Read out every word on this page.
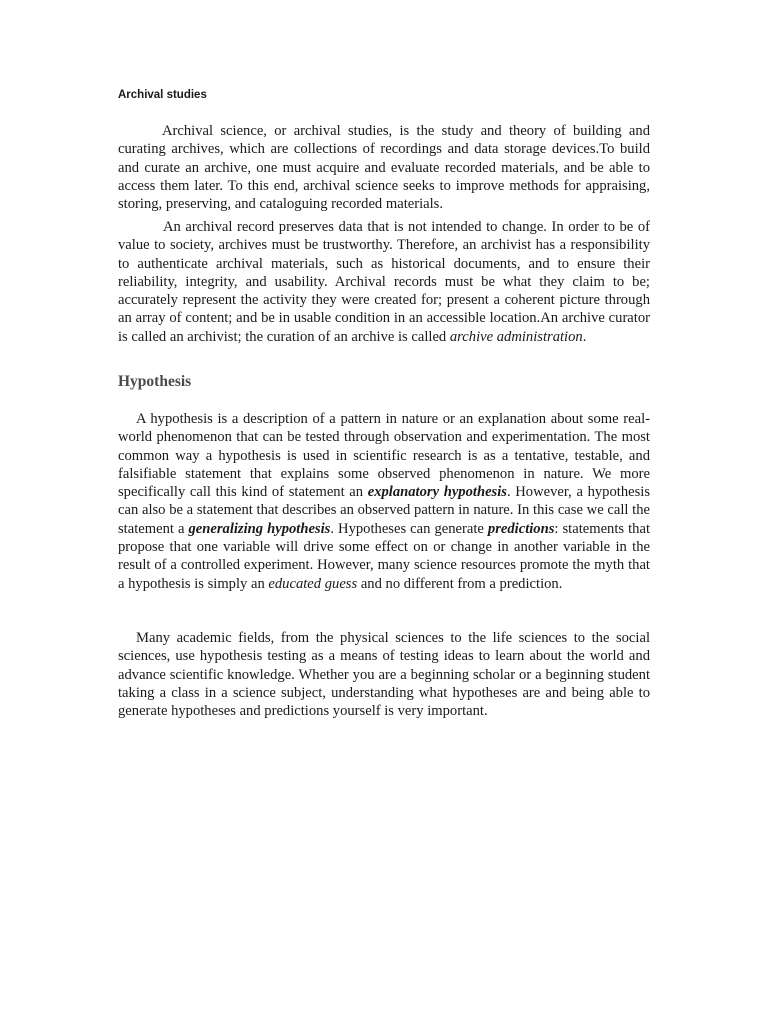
Archival studies

Archival science, or archival studies, is the study and theory of building and curating archives, which are collections of recordings and data storage devices.To build and curate an archive, one must acquire and evaluate recorded materials, and be able to access them later. To this end, archival science seeks to improve methods for appraising, storing, preserving, and cataloguing recorded materials.

An archival record preserves data that is not intended to change. In order to be of value to society, archives must be trustworthy. Therefore, an archivist has a responsibility to authenticate archival materials, such as historical documents, and to ensure their reliability, integrity, and usability. Archival records must be what they claim to be; accurately represent the activity they were created for; present a coherent picture through an array of content; and be in usable condition in an accessible location.An archive curator is called an archivist; the curation of an archive is called archive administration.

Hypothesis

A hypothesis is a description of a pattern in nature or an explanation about some real-world phenomenon that can be tested through observation and experimentation. The most common way a hypothesis is used in scientific research is as a tentative, testable, and falsifiable statement that explains some observed phenomenon in nature. We more specifically call this kind of statement an explanatory hypothesis. However, a hypothesis can also be a statement that describes an observed pattern in nature. In this case we call the statement a generalizing hypothesis. Hypotheses can generate predictions: statements that propose that one variable will drive some effect on or change in another variable in the result of a controlled experiment. However, many science resources promote the myth that a hypothesis is simply an educated guess and no different from a prediction.

Many academic fields, from the physical sciences to the life sciences to the social sciences, use hypothesis testing as a means of testing ideas to learn about the world and advance scientific knowledge. Whether you are a beginning scholar or a beginning student taking a class in a science subject, understanding what hypotheses are and being able to generate hypotheses and predictions yourself is very important.
